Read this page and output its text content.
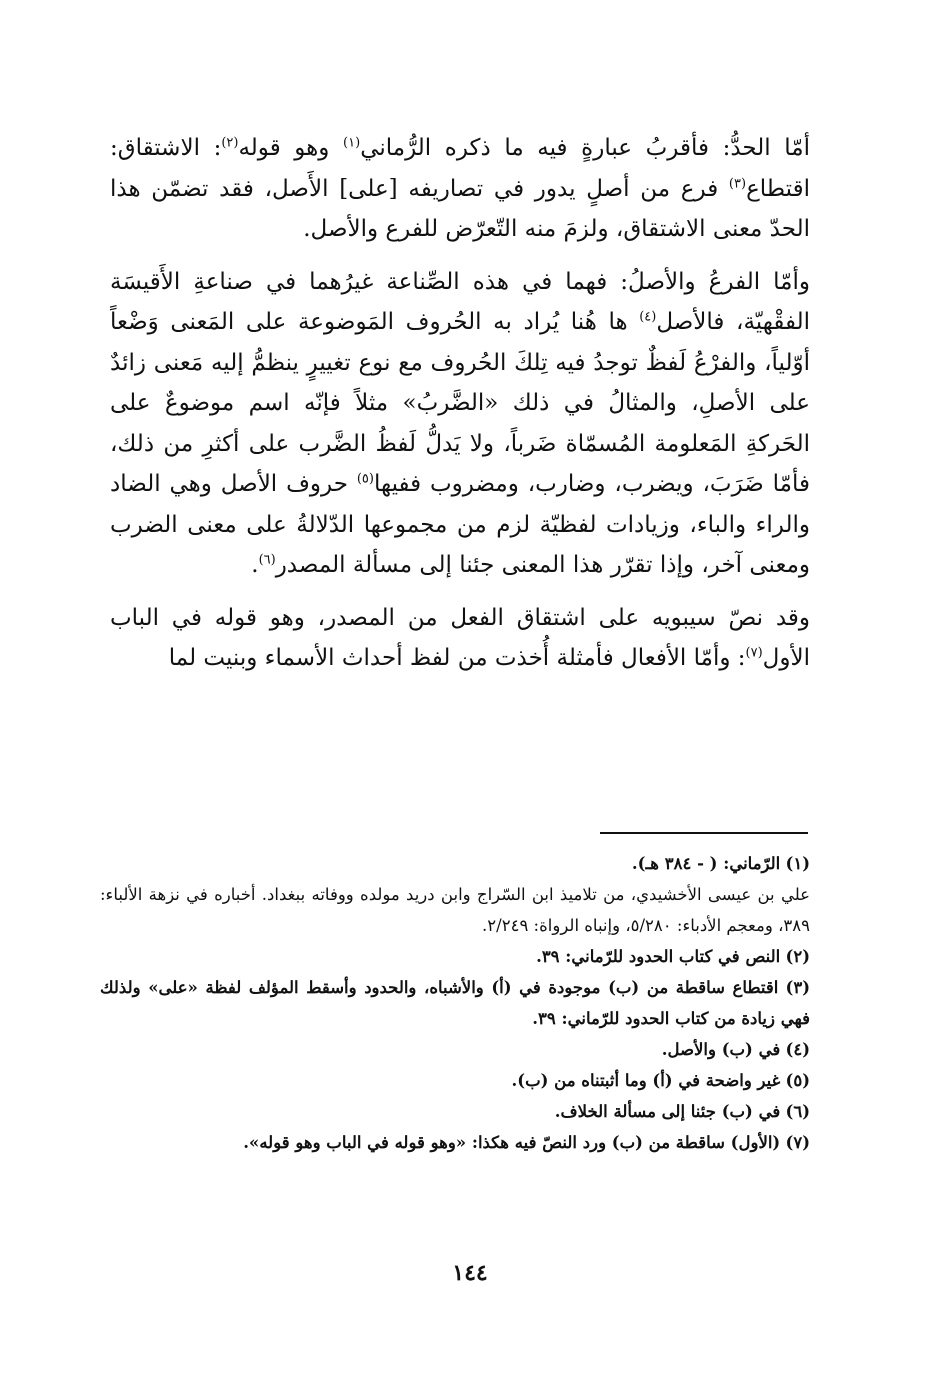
أمّا الحدُّ: فأقربُ عبارةٍ فيه ما ذكره الرُّماني$^{(١)}$ وهو قوله$^{(٢)}$: الاشتقاق: اقتطاع$^{(٣)}$ فرع من أصلٍ يدور في تصاريفه [على] الأَصل، فقد تضمّن هذا الحدّ معنى الاشتقاق، ولزمَ منه التّعرّض للفرع والأصل.

وأمّا الفرعُ والأصلُ: فهما في هذه الصِّناعة غيرُهما في صناعةِ الأَقيسَة الفقْهيّة، فالأصل$^{(٤)}$ ها هُنا يُراد به الحُروف المَوضوعة على المَعنى وَضْعاً أوّلياً، والفرْعُ لَفظٌ توجدُ فيه تِلكَ الحُروف مع نوع تغييرٍ ينظمُّ إليه مَعنى زائدٌ على الأصلِ، والمثالُ في ذلك «الضَّربُ» مثلاً فإنّه اسم موضوعٌ على الحَركةِ المَعلومة المُسمّاة ضَرباً، ولا يَدلُّ لَفظُ الضَّرب على أكثرِ من ذلك، فأمّا ضَرَبَ، ويضرب، وضارب، ومضروب ففيها$^{(٥)}$ حروف الأصل وهي الضاد والراء والباء، وزيادات لفظيّة لزم من مجموعها الدّلالةُ على معنى الضرب ومعنى آخر، وإذا تقرّر هذا المعنى جئنا إلى مسألة المصدر$^{(٦)}$.

وقد نصّ سيبويه على اشتقاق الفعل من المصدر، وهو قوله في الباب الأول$^{(٧)}$: وأمّا الأفعال فأمثلة أُخذت من لفظ أحداث الأسماء وبنيت لما

(١) الرّماني: ( - ٣٨٤ هـ).

علي بن عيسى الأخشيدي، من تلاميذ ابن السّراج وابن دريد مولده ووفاته ببغداد. أخباره في نزهة الألباء: ٣٨٩، ومعجم الأدباء: ٥/٢٨٠، وإنباه الرواة: ٢/٢٤٩.

(٢) النص في كتاب الحدود للرّماني: ٣٩.

(٣) اقتطاع ساقطة من (ب) موجودة في (أ) والأشباه، والحدود وأسقط المؤلف لفظة «على» ولذلك فهي زيادة من كتاب الحدود للرّماني: ٣٩.

(٤) في (ب) والأصل.

(٥) غير واضحة في (أ) وما أثبتناه من (ب).

(٦) في (ب) جئنا إلى مسألة الخلاف.

(٧) (الأول) ساقطة من (ب) ورد النصّ فيه هكذا: «وهو قوله في الباب وهو قوله».

١٤٤
